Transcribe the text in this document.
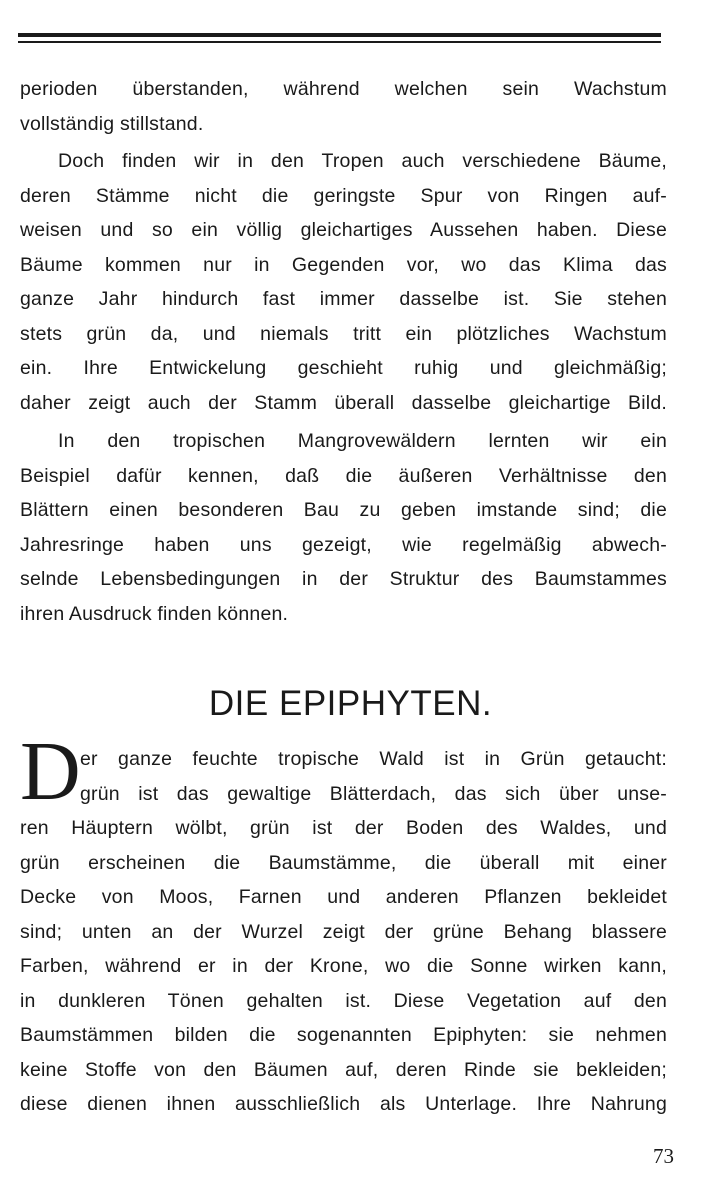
perioden überstanden, während welchen sein Wachstum
vollständig stillstand.
Doch finden wir in den Tropen auch verschiedene Bäume,
deren Stämme nicht die geringste Spur von Ringen auf-
weisen und so ein völlig gleichartiges Aussehen haben. Diese
Bäume kommen nur in Gegenden vor, wo das Klima das
ganze Jahr hindurch fast immer dasselbe ist. Sie stehen
stets grün da, und niemals tritt ein plötzliches Wachstum
ein. Ihre Entwickelung geschieht ruhig und gleichmäßig;
daher zeigt auch der Stamm überall dasselbe gleichartige Bild.
In den tropischen Mangrovewäldern lernten wir ein
Beispiel dafür kennen, daß die äußeren Verhältnisse den
Blättern einen besonderen Bau zu geben imstande sind; die
Jahresringe haben uns gezeigt, wie regelmäßig abwech-
selnde Lebensbedingungen in der Struktur des Baumstammes
ihren Ausdruck finden können.
DIE EPIPHYTEN.
D er ganze feuchte tropische Wald ist in Grün getaucht:
grün ist das gewaltige Blätterdach, das sich über unse-
ren Häuptern wölbt, grün ist der Boden des Waldes, und
grün erscheinen die Baumstämme, die überall mit einer
Decke von Moos, Farnen und anderen Pflanzen bekleidet
sind; unten an der Wurzel zeigt der grüne Behang blassere
Farben, während er in der Krone, wo die Sonne wirken kann,
in dunkleren Tönen gehalten ist. Diese Vegetation auf den
Baumstämmen bilden die sogenannten Epiphyten: sie nehmen
keine Stoffe von den Bäumen auf, deren Rinde sie bekleiden;
diese dienen ihnen ausschließlich als Unterlage. Ihre Nahrung
73
